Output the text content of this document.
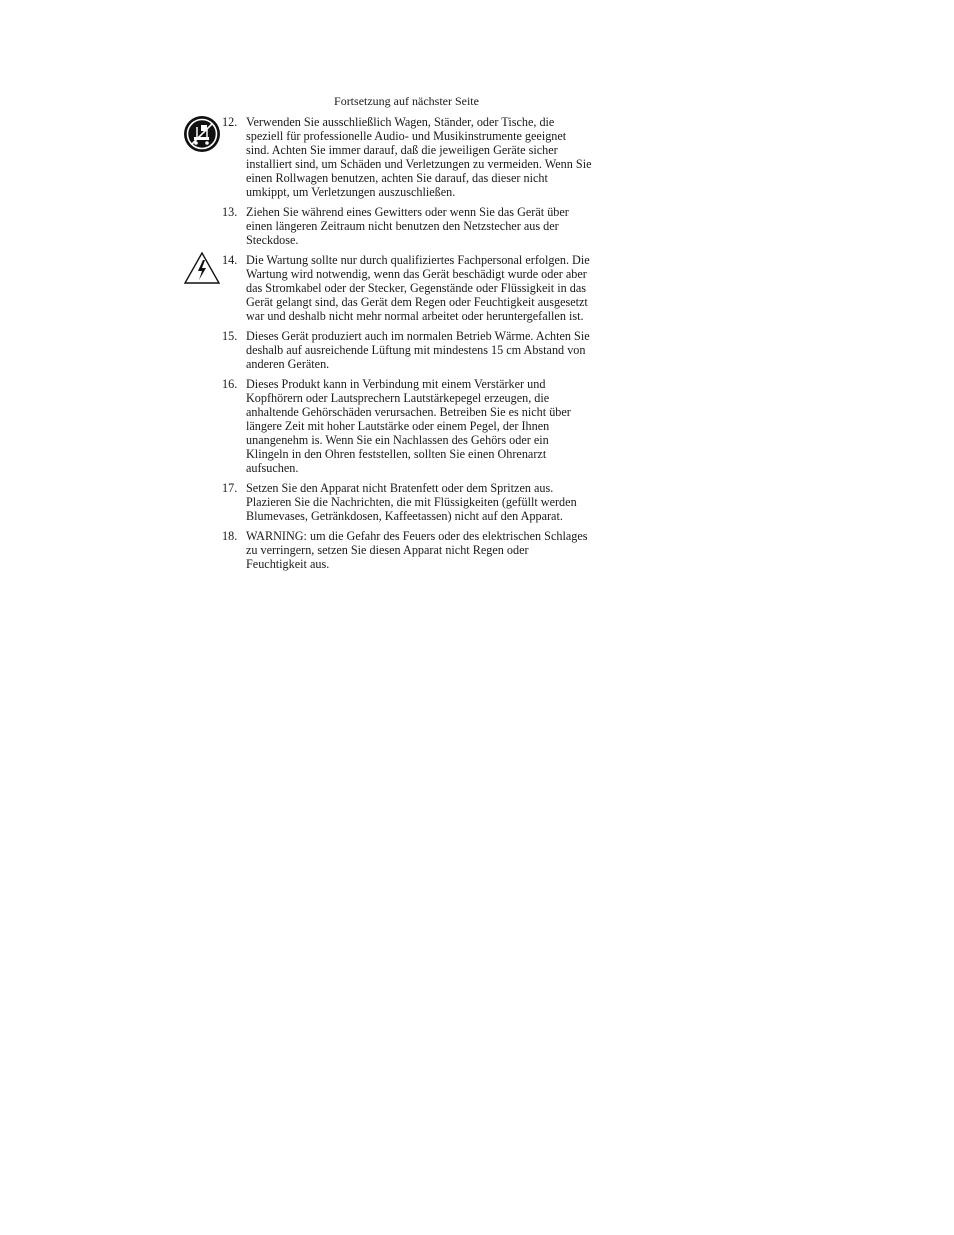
Fortsetzung auf nächster Seite
12. Verwenden Sie ausschließlich Wagen, Ständer, oder Tische, die speziell für professionelle Audio- und Musikinstrumente geeignet sind. Achten Sie immer darauf, daß die jeweiligen Geräte sicher installiert sind, um Schäden und Verletzungen zu vermeiden. Wenn Sie einen Rollwagen benutzen, achten Sie darauf, das dieser nicht umkippt, um Verletzungen auszuschließen.
13. Ziehen Sie während eines Gewitters oder wenn Sie das Gerät über einen längeren Zeitraum nicht benutzen den Netzstecher aus der Steckdose.
14. Die Wartung sollte nur durch qualifiziertes Fachpersonal erfolgen. Die Wartung wird notwendig, wenn das Gerät beschädigt wurde oder aber das Stromkabel oder der Stecker, Gegenstände oder Flüssigkeit in das Gerät gelangt sind, das Gerät dem Regen oder Feuchtigkeit ausgesetzt war und deshalb nicht mehr normal arbeitet oder heruntergefallen ist.
15. Dieses Gerät produziert auch im normalen Betrieb Wärme. Achten Sie deshalb auf ausreichende Lüftung mit mindestens 15 cm Abstand von anderen Geräten.
16. Dieses Produkt kann in Verbindung mit einem Verstärker und Kopfhörern oder Lautsprechern Lautstärkepegel erzeugen, die anhaltende Gehörschäden verursachen. Betreiben Sie es nicht über längere Zeit mit hoher Lautstärke oder einem Pegel, der Ihnen unangenehm is. Wenn Sie ein Nachlassen des Gehörs oder ein Klingeln in den Ohren feststellen, sollten Sie einen Ohrenarzt aufsuchen.
17. Setzen Sie den Apparat nicht Bratenfett oder dem Spritzen aus. Plazieren Sie die Nachrichten, die mit Flüssigkeiten (gefüllt werden Blumevases, Getränkdosen, Kaffeetassen) nicht auf den Apparat.
18. WARNING: um die Gefahr des Feuers oder des elektrischen Schlages zu verringern, setzen Sie diesen Apparat nicht Regen oder Feuchtigkeit aus.
